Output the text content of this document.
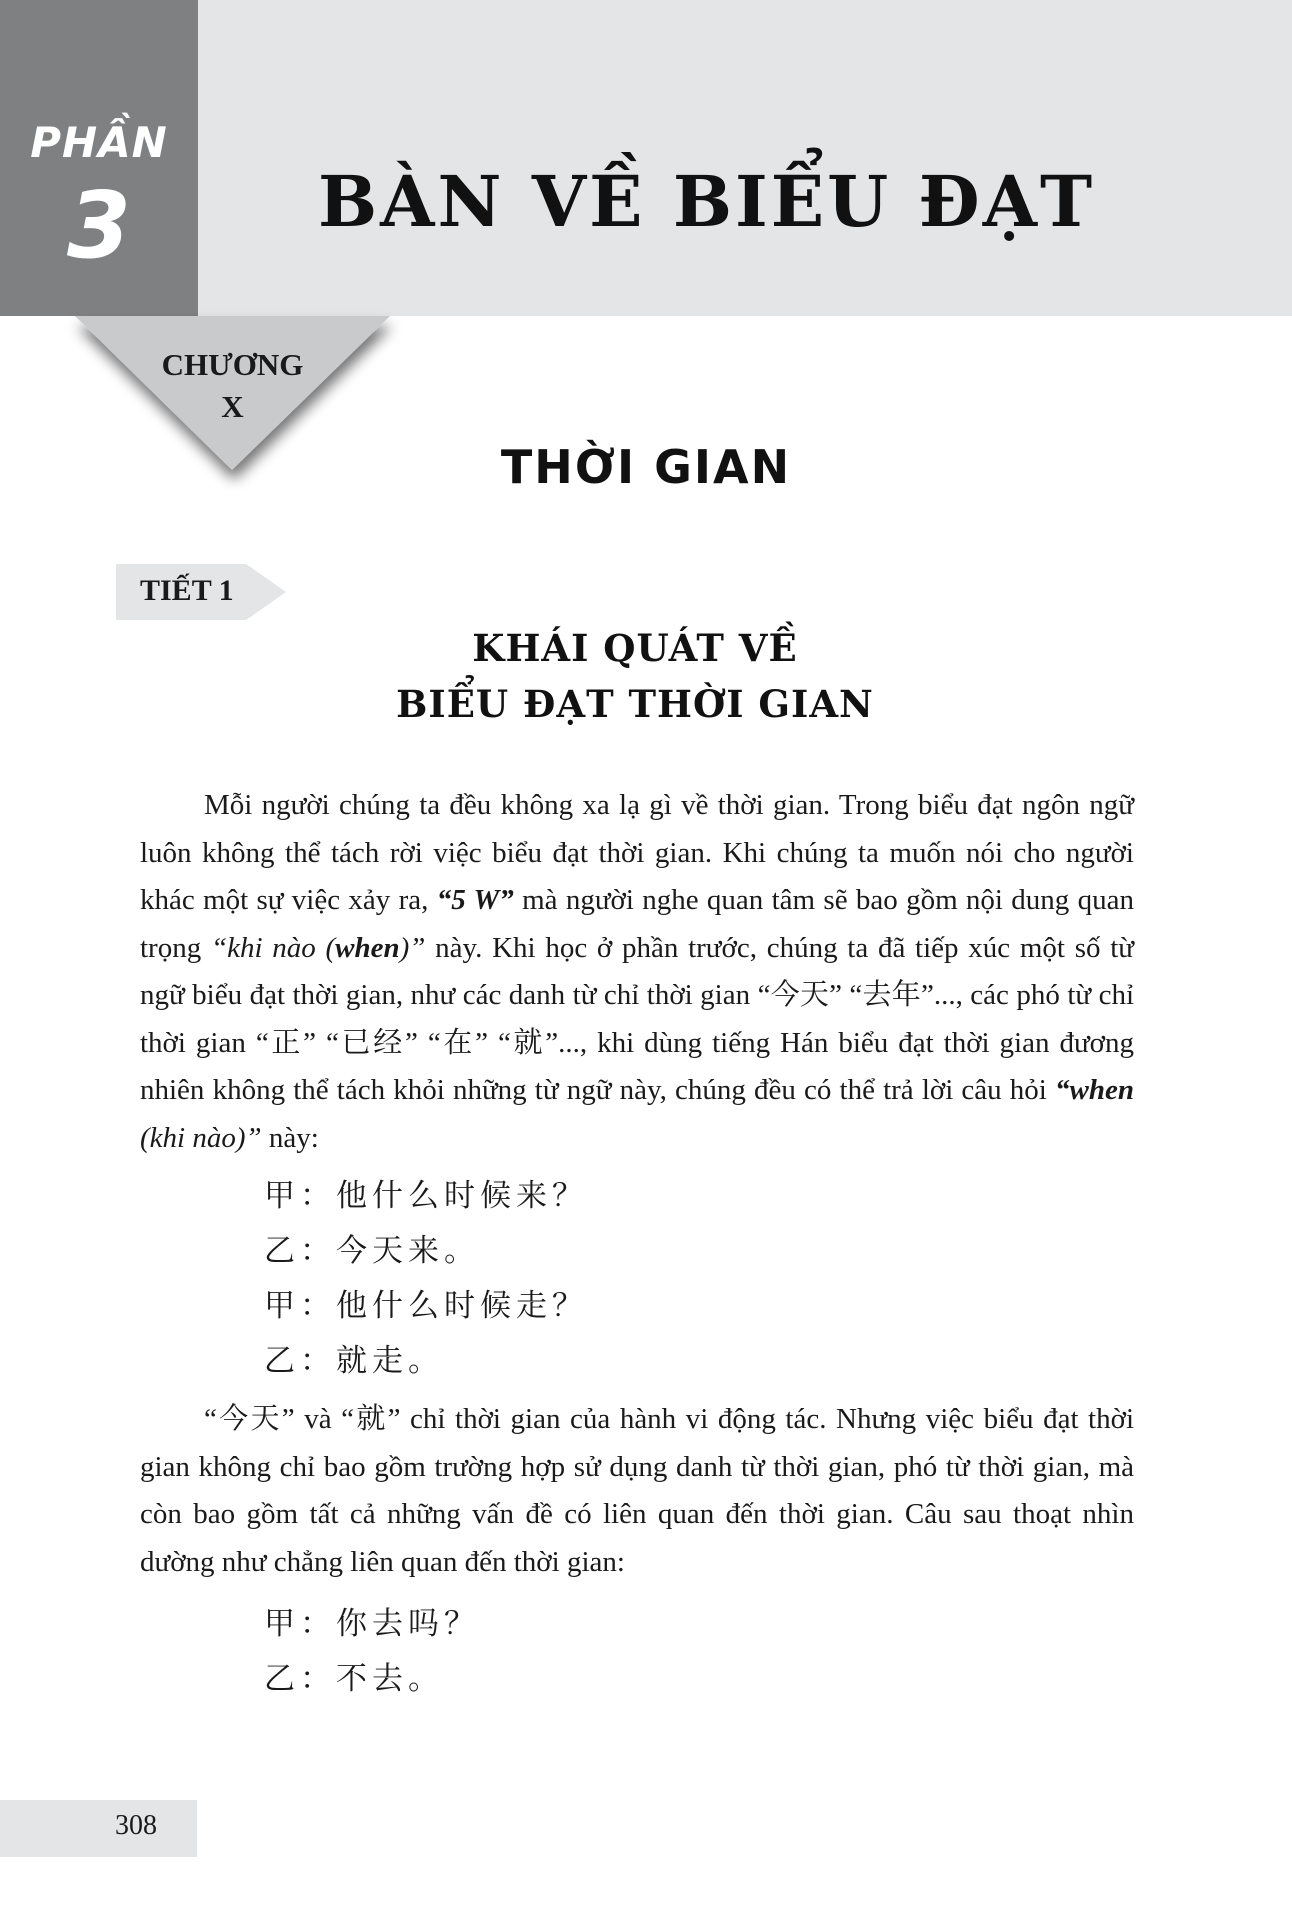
PHẦN
3	BÀN VỀ BIỂU ĐẠT
CHƯƠNG
X
THỜI GIAN
TIẾT 1
KHÁI QUÁT VỀ
BIỂU ĐẠT THỜI GIAN

Mỗi người chúng ta đều không xa lạ gì về thời gian. Trong biểu đạt ngôn ngữ luôn không thể tách rời việc biểu đạt thời gian. Khi chúng ta muốn nói cho người khác một sự việc xảy ra, “5 W” mà người nghe quan tâm sẽ bao gồm nội dung quan trọng “khi nào (when)” này. Khi học ở phần trước, chúng ta đã tiếp xúc một số từ ngữ biểu đạt thời gian, như các danh từ chỉ thời gian “今天” “去年”..., các phó từ chỉ thời gian “正” “已经” “在” “就”..., khi dùng tiếng Hán biểu đạt thời gian đương nhiên không thể tách khỏi những từ ngữ này, chúng đều có thể trả lời câu hỏi “when (khi nào)” này:

甲：他什么时候来？
乙：今天来。
甲：他什么时候走？
乙：就走。

“今天” và “就” chỉ thời gian của hành vi động tác. Nhưng việc biểu đạt thời gian không chỉ bao gồm trường hợp sử dụng danh từ thời gian, phó từ thời gian, mà còn bao gồm tất cả những vấn đề có liên quan đến thời gian. Câu sau thoạt nhìn dường như chẳng liên quan đến thời gian:

甲：你去吗？
乙：不去。
308
